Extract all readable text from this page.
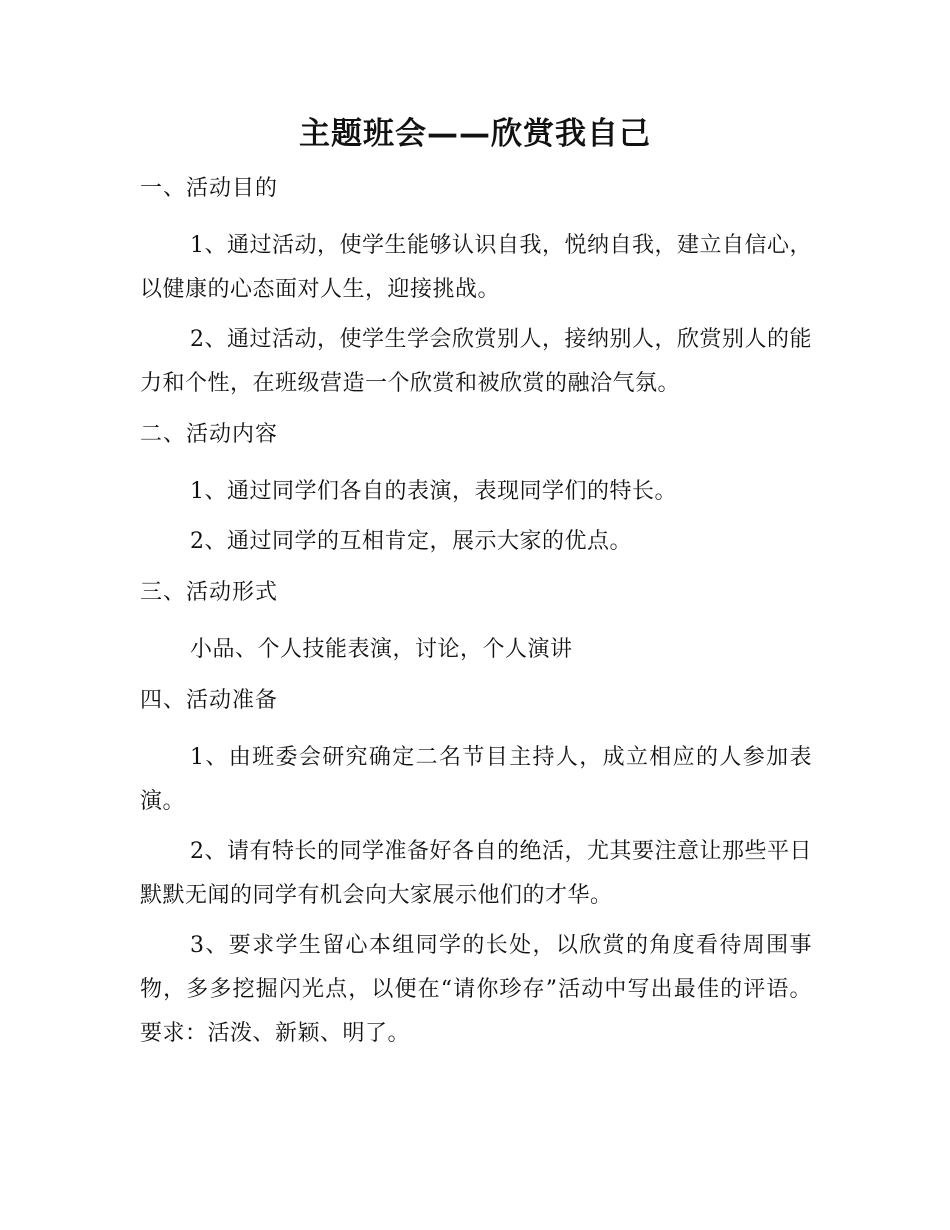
主题班会——欣赏我自己

一、活动目的

1、通过活动，使学生能够认识自我，悦纳自我，建立自信心，以健康的心态面对人生，迎接挑战。

2、通过活动，使学生学会欣赏别人，接纳别人，欣赏别人的能力和个性，在班级营造一个欣赏和被欣赏的融洽气氛。

二、活动内容

1、通过同学们各自的表演，表现同学们的特长。

2、通过同学的互相肯定，展示大家的优点。

三、活动形式

小品、个人技能表演，讨论，个人演讲

四、活动准备

1、由班委会研究确定二名节目主持人，成立相应的人参加表演。

2、请有特长的同学准备好各自的绝活，尤其要注意让那些平日默默无闻的同学有机会向大家展示他们的才华。

3、要求学生留心本组同学的长处，以欣赏的角度看待周围事物，多多挖掘闪光点，以便在“请你珍存”活动中写出最佳的评语。 要求：活泼、新颖、明了。
